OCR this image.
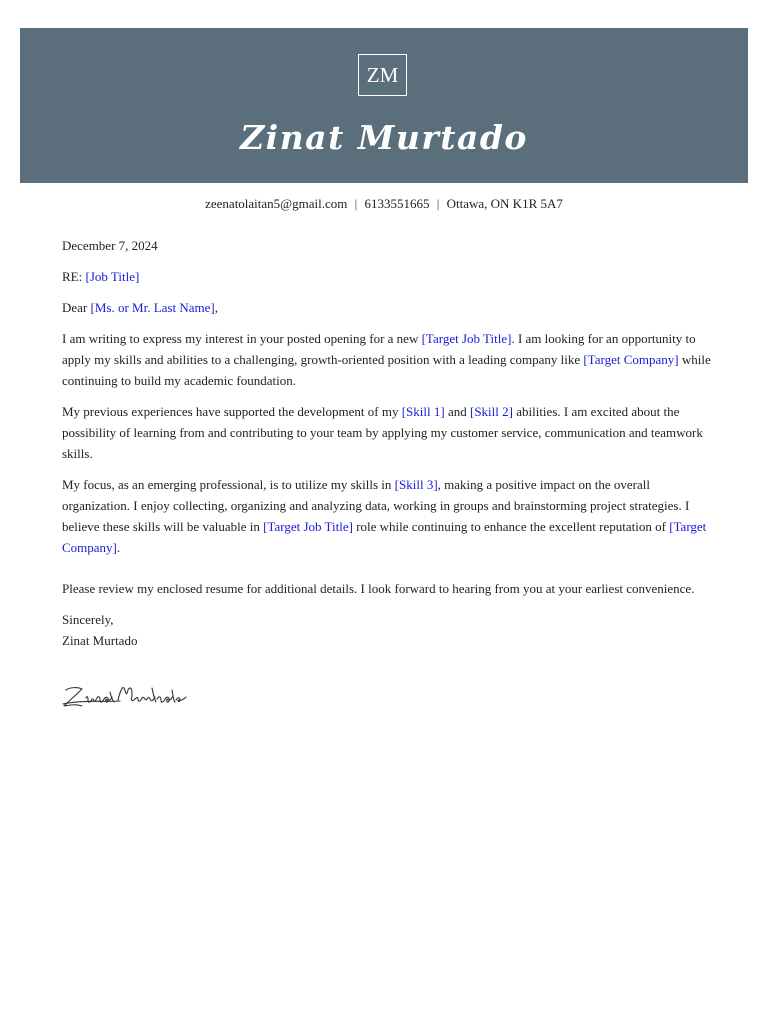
ZM
Zinat Murtado
zeenatolaitan5@gmail.com | 6133551665 | Ottawa, ON K1R 5A7

December 7, 2024

RE: [Job Title]

Dear [Ms. or Mr. Last Name],

I am writing to express my interest in your posted opening for a new [Target Job Title]. I am looking for an opportunity to apply my skills and abilities to a challenging, growth-oriented position with a leading company like [Target Company] while continuing to build my academic foundation.

My previous experiences have supported the development of my [Skill 1] and [Skill 2] abilities. I am excited about the possibility of learning from and contributing to your team by applying my customer service, communication and teamwork skills.

My focus, as an emerging professional, is to utilize my skills in [Skill 3], making a positive impact on the overall organization. I enjoy collecting, organizing and analyzing data, working in groups and brainstorming project strategies. I believe these skills will be valuable in [Target Job Title] role while continuing to enhance the excellent reputation of [Target Company].

Please review my enclosed resume for additional details. I look forward to hearing from you at your earliest convenience.

Sincerely,

Zinat Murtado
